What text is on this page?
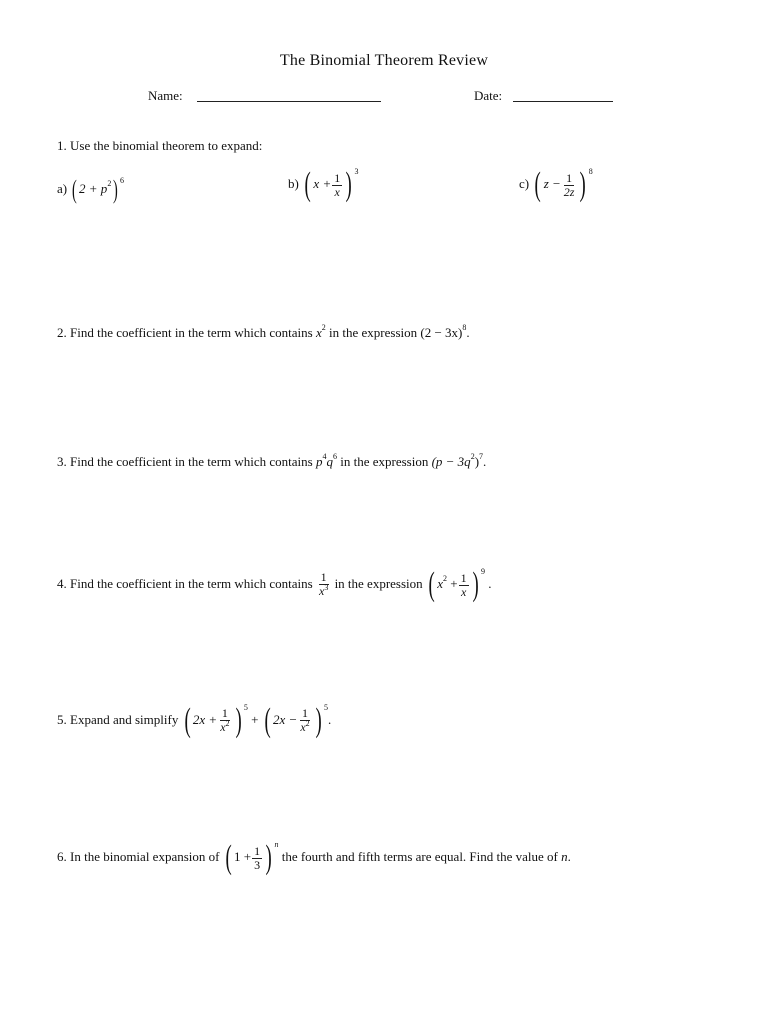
The Binomial Theorem Review
Name:	Date:
1. Use the binomial theorem to expand:
a) ( $2 + p^2$) $^6$	b) ( $x + \frac{1}{x}$ ) $^3$
c) ( $z - \frac{1}{2z}$ ) $^8$
2. Find the coefficient in the term which contains $x^2$ in the expression $(2 - 3x)^8$.
3. Find the coefficient in the term which contains $p^4q^6$ in the expression $(p - 3q^2)^7$.
4. Find the coefficient in the term which contains $\frac{1}{x^3}$ in the expression ( $x^2 + \frac{1}{x}$ ) $^9$ .
5. Expand and simplify ( $2x + \frac{1}{x^2}$ ) $^5$ + ( $2x - \frac{1}{x^2}$ ) $^5$.
6. In the binomial expansion of ( $1 + \frac{1}{3}$ ) $^n$ the fourth and fifth terms are equal. Find the value of n.
